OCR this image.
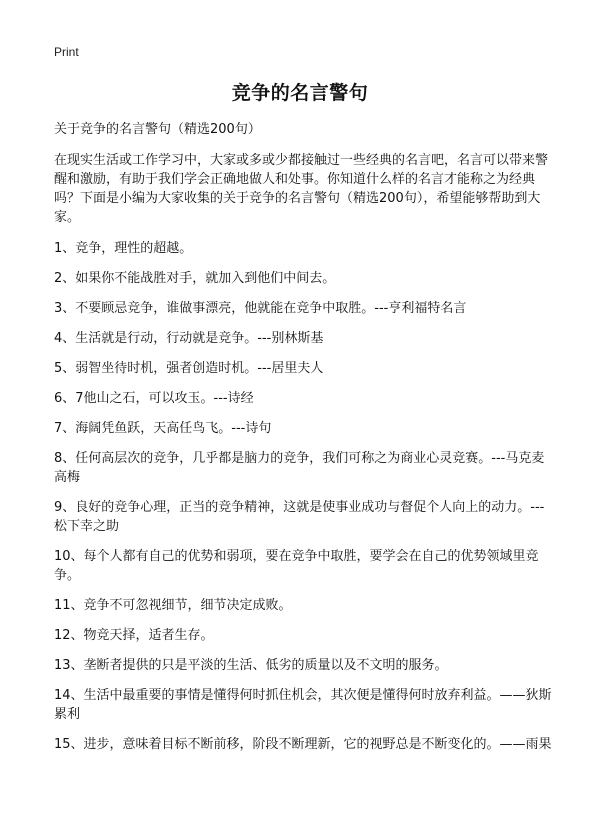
Print
竞争的名言警句

关于竞争的名言警句（精选200句）

在现实生活或工作学习中，大家或多或少都接触过一些经典的名言吧，名言可以带来警醒和激励，有助于我们学会正确地做人和处事。你知道什么样的名言才能称之为经典吗？下面是小编为大家收集的关于竞争的名言警句（精选200句），希望能够帮助到大家。

1、竞争，理性的超越。

2、如果你不能战胜对手，就加入到他们中间去。

3、不要顾忌竞争，谁做事漂亮，他就能在竞争中取胜。---亨利福特名言

4、生活就是行动，行动就是竞争。---别林斯基

5、弱智坐待时机，强者创造时机。---居里夫人

6、7他山之石，可以攻玉。---诗经

7、海阔凭鱼跃，天高任鸟飞。---诗句

8、任何高层次的竞争，几乎都是脑力的竞争，我们可称之为商业心灵竞赛。---马克麦高梅

9、良好的竞争心理，正当的竞争精神，这就是使事业成功与督促个人向上的动力。---松下幸之助

10、每个人都有自己的优势和弱项，要在竞争中取胜，要学会在自己的优势领域里竞争。

11、竞争不可忽视细节，细节决定成败。

12、物竞天择，适者生存。

13、垄断者提供的只是平淡的生活、低劣的质量以及不文明的服务。

14、生活中最重要的事情是懂得何时抓住机会，其次便是懂得何时放弃利益。——狄斯累利

15、进步，意味着目标不断前移，阶段不断理新，它的视野总是不断变化的。——雨果
